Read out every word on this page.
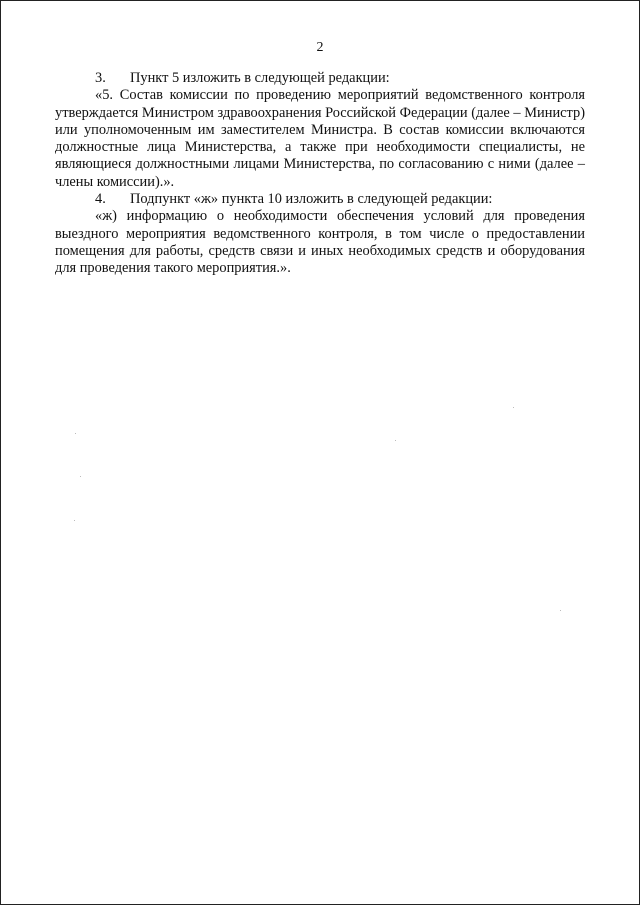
2

3. Пункт 5 изложить в следующей редакции:

«5. Состав комиссии по проведению мероприятий ведомственного контроля утверждается Министром здравоохранения Российской Федерации (далее – Министр) или уполномоченным им заместителем Министра. В состав комиссии включаются должностные лица Министерства, а также при необходимости специалисты, не являющиеся должностными лицами Министерства, по согласованию с ними (далее – члены комиссии).».

4. Подпункт «ж» пункта 10 изложить в следующей редакции:

«ж) информацию о необходимости обеспечения условий для проведения выездного мероприятия ведомственного контроля, в том числе о предоставлении помещения для работы, средств связи и иных необходимых средств и оборудования для проведения такого мероприятия.».
